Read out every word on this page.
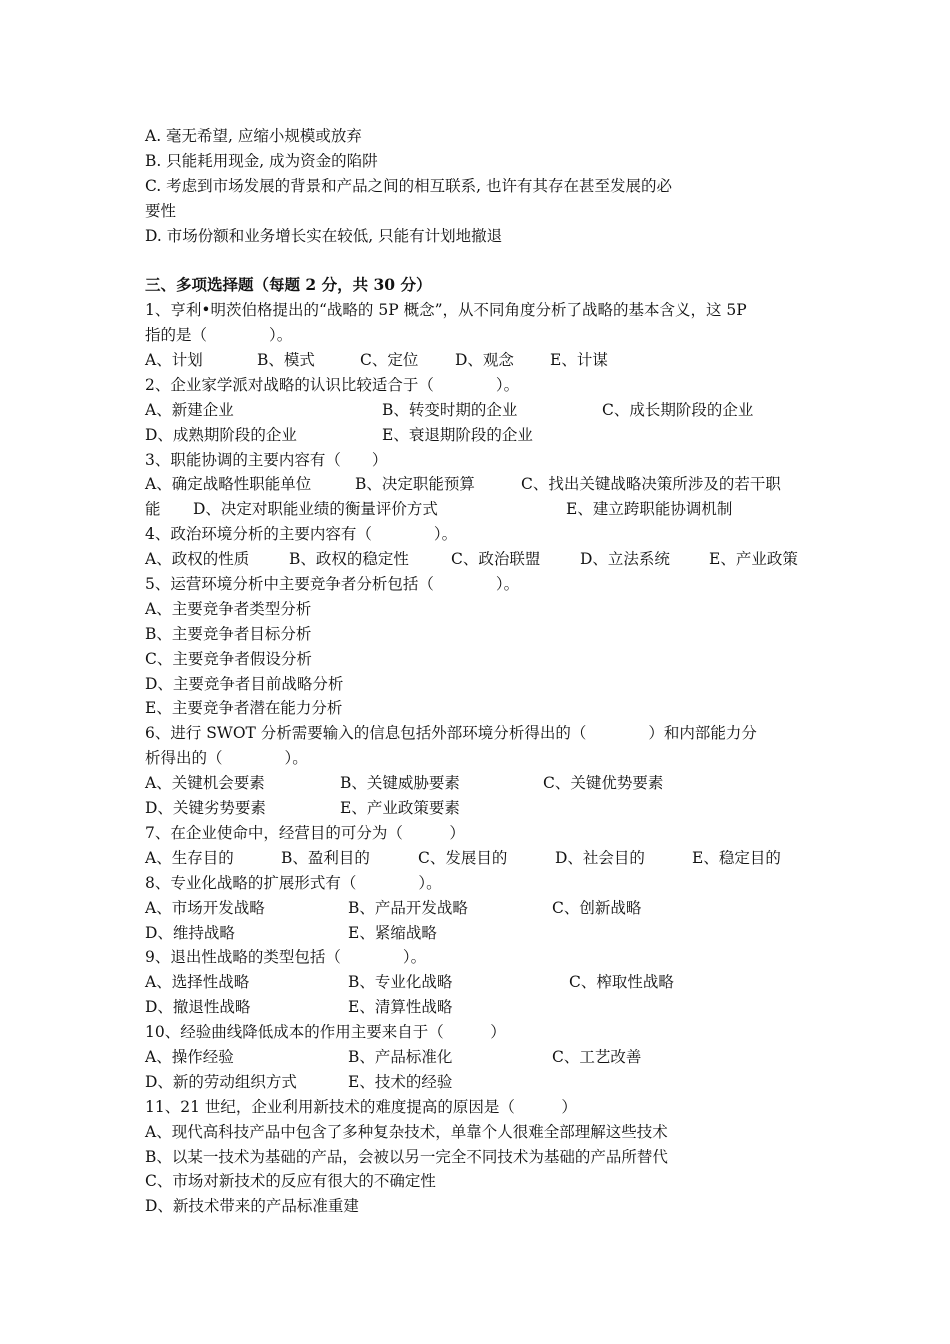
A. 毫无希望, 应缩小规模或放弃
B. 只能耗用现金, 成为资金的陷阱
C. 考虑到市场发展的背景和产品之间的相互联系, 也许有其存在甚至发展的必
要性
D. 市场份额和业务增长实在较低, 只能有计划地撤退
三、多项选择题（每题 2 分，共 30 分）
1、亨利•明茨伯格提出的“战略的 5P 概念”，从不同角度分析了战略的基本含义，这 5P
指的是（　　　　）。
A、计划	B、模式	C、定位 D、观念 E、计谋
2、企业家学派对战略的认识比较适合于（　　　　）。
A、新建企业	B、转变时期的企业	C、成长期阶段的企业
D、成熟期阶段的企业	E、衰退期阶段的企业
3、职能协调的主要内容有（　　）
A、确定战略性职能单位	B、决定职能预算	C、找出关键战略决策所涉及的若干职
能 D、决定对职能业绩的衡量评价方式	E、建立跨职能协调机制
4、政治环境分析的主要内容有（　　　　）。
A、政权的性质	B、政权的稳定性	C、政治联盟	D、立法系统	E、产业政策
5、运营环境分析中主要竞争者分析包括（　　　　）。
A、主要竞争者类型分析
B、主要竞争者目标分析
C、主要竞争者假设分析
D、主要竞争者目前战略分析
E、主要竞争者潜在能力分析
6、进行 SWOT 分析需要输入的信息包括外部环境分析得出的（　　　　）和内部能力分
析得出的（　　　　）。
A、关键机会要素	B、关键威胁要素	C、关键优势要素
D、关键劣势要素	E、产业政策要素
7、在企业使命中，经营目的可分为（　　　）
A、生存目的	B、盈利目的	C、发展目的	D、社会目的	E、稳定目的
8、专业化战略的扩展形式有（　　　　）。
A、市场开发战略	B、产品开发战略	C、创新战略
D、维持战略	E、紧缩战略
9、退出性战略的类型包括（　　　　）。
A、选择性战略	B、专业化战略	C、榨取性战略
D、撤退性战略	E、清算性战略
10、经验曲线降低成本的作用主要来自于（　　　）
A、操作经验	B、产品标准化	C、工艺改善
D、新的劳动组织方式	E、技术的经验
11、21 世纪，企业利用新技术的难度提高的原因是（　　　）
A、现代高科技产品中包含了多种复杂技术，单靠个人很难全部理解这些技术
B、以某一技术为基础的产品，会被以另一完全不同技术为基础的产品所替代
C、市场对新技术的反应有很大的不确定性
D、新技术带来的产品标准重建
